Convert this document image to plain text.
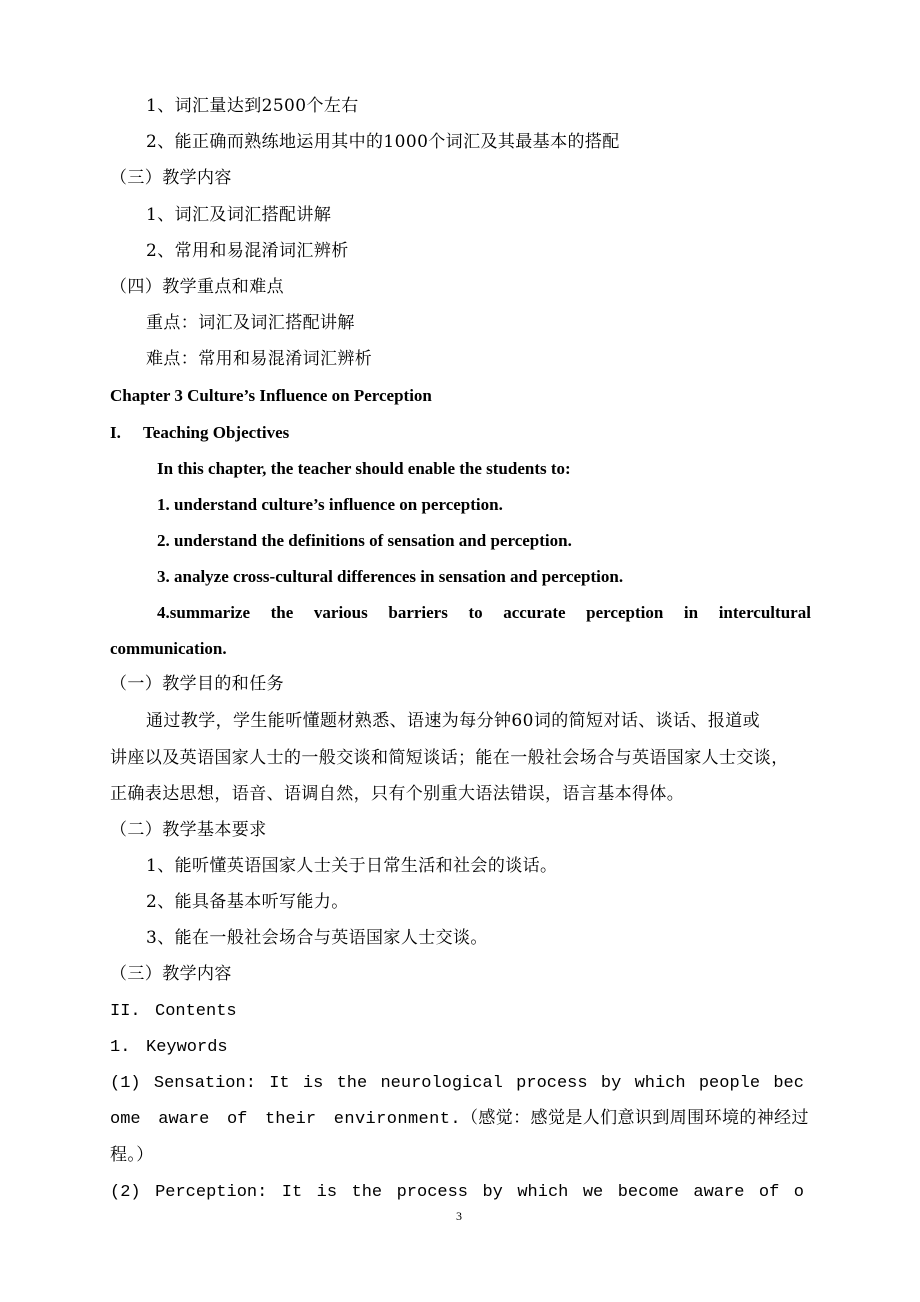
1、词汇量达到2500个左右
2、能正确而熟练地运用其中的1000个词汇及其最基本的搭配
（三）教学内容
1、词汇及词汇搭配讲解
2、常用和易混淆词汇辨析
（四）教学重点和难点
重点：词汇及词汇搭配讲解
难点：常用和易混淆词汇辨析
Chapter 3 Culture’s Influence on Perception
I. Teaching Objectives
In this chapter, the teacher should enable the students to:
1. understand culture’s influence on perception.
2. understand the definitions of sensation and perception.
3. analyze cross-cultural differences in sensation and perception.
4.summarize the various barriers to accurate perception in intercultural
communication.
（一）教学目的和任务
通过教学，学生能听懂题材熟悉、语速为每分钟60词的简短对话、谈话、报道或
讲座以及英语国家人士的一般交谈和简短谈话；能在一般社会场合与英语国家人士交谈，
正确表达思想，语音、语调自然，只有个别重大语法错误，语言基本得体。
（二）教学基本要求
1、能听懂英语国家人士关于日常生活和社会的谈话。
2、能具备基本听写能力。
3、能在一般社会场合与英语国家人士交谈。
（三）教学内容
II. Contents
1. Keywords
(1) Sensation: It is the neurological process by which people bec
ome aware of their environment.（感觉：感觉是人们意识到周围环境的神经过
程。）
(2) Perception: It is the process by which we become aware of o
3
